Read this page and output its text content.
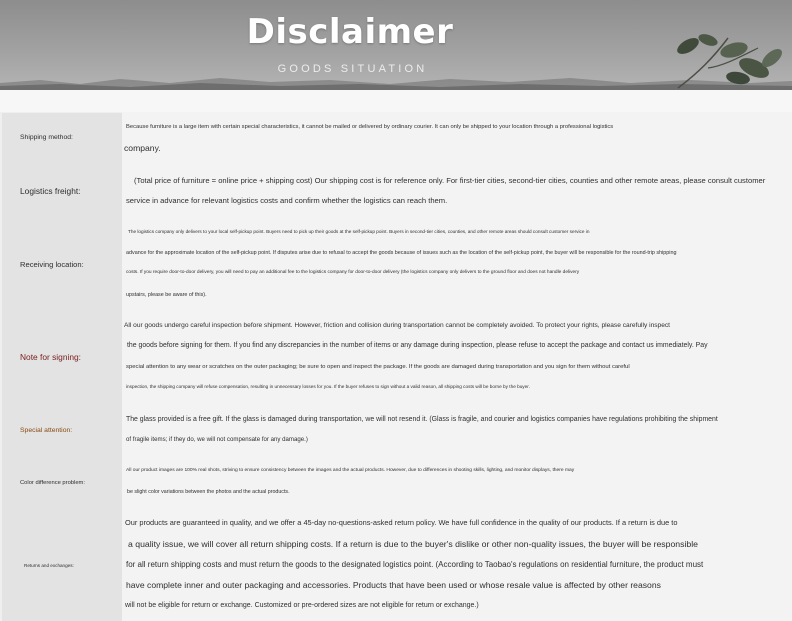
Disclaimer
GOODS SITUATION
Shipping method:
Because furniture is a large item with certain special characteristics, it cannot be mailed or delivered by ordinary courier. It can only be shipped to your location through a professional logistics
company.
Logistics freight:
(Total price of furniture = online price + shipping cost) Our shipping cost is for reference only. For first-tier cities, second-tier cities, counties and other remote areas, please consult customer
service in advance for relevant logistics costs and confirm whether the logistics can reach them.
Receiving location:
The logistics company only delivers to your local self-pickup point. Buyers need to pick up their goods at the self-pickup point. Buyers in second-tier cities, counties, and other remote areas should consult customer service in
advance for the approximate location of the self-pickup point. If disputes arise due to refusal to accept the goods because of issues such as the location of the self-pickup point, the buyer will be responsible for the round-trip shipping
costs. If you require door-to-door delivery, you will need to pay an additional fee to the logistics company for door-to-door delivery (the logistics company only delivers to the ground floor and does not handle delivery
upstairs, please be aware of this).
Note for signing:
All our goods undergo careful inspection before shipment. However, friction and collision during transportation cannot be completely avoided. To protect your rights, please carefully inspect
the goods before signing for them. If you find any discrepancies in the number of items or any damage during inspection, please refuse to accept the package and contact us immediately. Pay
special attention to any wear or scratches on the outer packaging; be sure to open and inspect the package. If the goods are damaged during transportation and you sign for them without careful
inspection, the shipping company will refuse compensation, resulting in unnecessary losses for you. If the buyer refuses to sign without a valid reason, all shipping costs will be borne by the buyer.
Special attention:
The glass provided is a free gift. If the glass is damaged during transportation, we will not resend it. (Glass is fragile, and courier and logistics companies have regulations prohibiting the shipment
of fragile items; if they do, we will not compensate for any damage.)
Color difference problem:
All our product images are 100% real shots, striving to ensure consistency between the images and the actual products. However, due to differences in shooting skills, lighting, and monitor displays, there may
be slight color variations between the photos and the actual products.
Returns and exchanges:
Our products are guaranteed in quality, and we offer a 45-day no-questions-asked return policy. We have full confidence in the quality of our products. If a return is due to
a quality issue, we will cover all return shipping costs. If a return is due to the buyer's dislike or other non-quality issues, the buyer will be responsible
for all return shipping costs and must return the goods to the designated logistics point. (According to Taobao's regulations on residential furniture, the product must
have complete inner and outer packaging and accessories. Products that have been used or whose resale value is affected by other reasons
will not be eligible for return or exchange. Customized or pre-ordered sizes are not eligible for return or exchange.)
